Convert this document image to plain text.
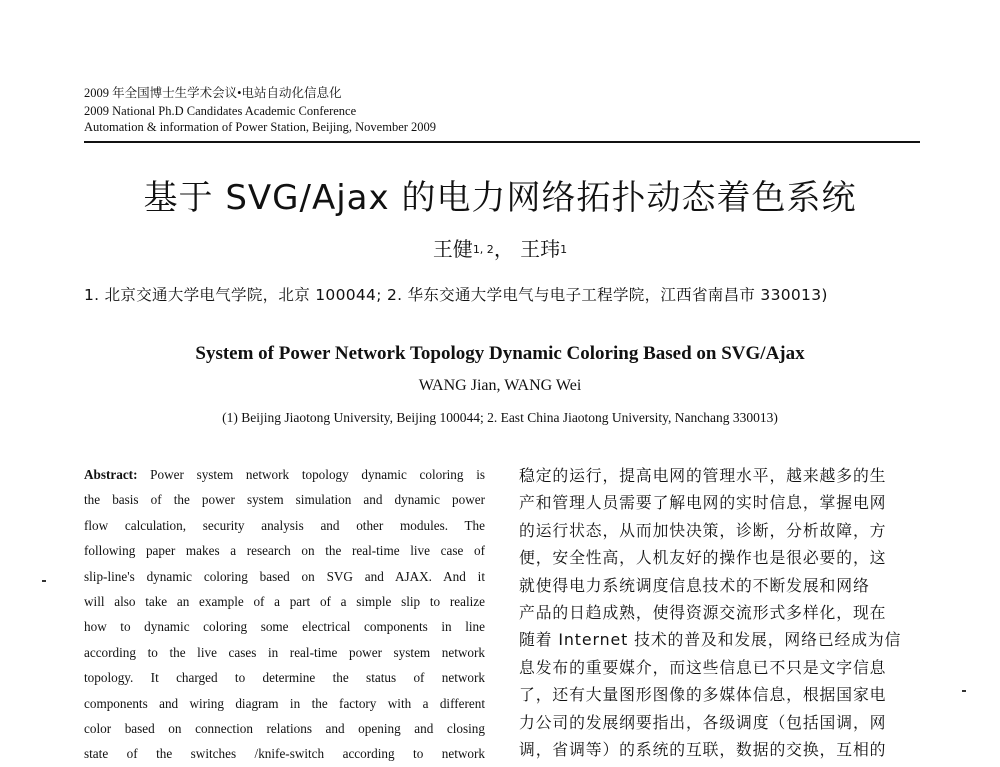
2009 年全国博士生学术会议•电站自动化信息化
2009 National Ph.D Candidates Academic Conference
Automation & information of Power Station, Beijing, November 2009
基于 SVG/Ajax 的电力网络拓扑动态着色系统
王健$^{1, 2}$， 王玮$^1$
1. 北京交通大学电气学院，北京 100044; 2. 华东交通大学电气与电子工程学院，江西省南昌市 330013)
System of Power Network Topology Dynamic Coloring Based on SVG/Ajax
WANG Jian, WANG Wei
(1) Beijing Jiaotong University, Beijing 100044; 2. East China Jiaotong University, Nanchang 330013)
Abstract: Power system network topology dynamic coloring is
the basis of the power system simulation and dynamic power
flow calculation, security analysis and other modules. The
following paper makes a research on the real-time live case of
slip-line's dynamic coloring based on SVG and AJAX. And it
will also take an example of a part of a simple slip to realize
how to dynamic coloring some electrical components in line
according to the live cases in real-time power system network
topology. It charged to determine the status of network
components and wiring diagram in the factory with a different
color based on connection relations and opening and closing
state of the switches /knife-switch according to network
稳定的运行，提高电网的管理水平，越来越多的生
产和管理人员需要了解电网的实时信息，掌握电网
的运行状态，从而加快决策，诊断，分析故障，方
便，安全性高，人机友好的操作也是很必要的，这
就使得电力系统调度信息技术的不断发展和网络
产品的日趋成熟，使得资源交流形式多样化，现在
随着 Internet 技术的普及和发展，网络已经成为信
息发布的重要媒介，而这些信息已不只是文字信息
了，还有大量图形图像的多媒体信息，根据国家电
力公司的发展纲要指出，各级调度（包括国调，网
调，省调等）的系统的互联，数据的交换，互相的
